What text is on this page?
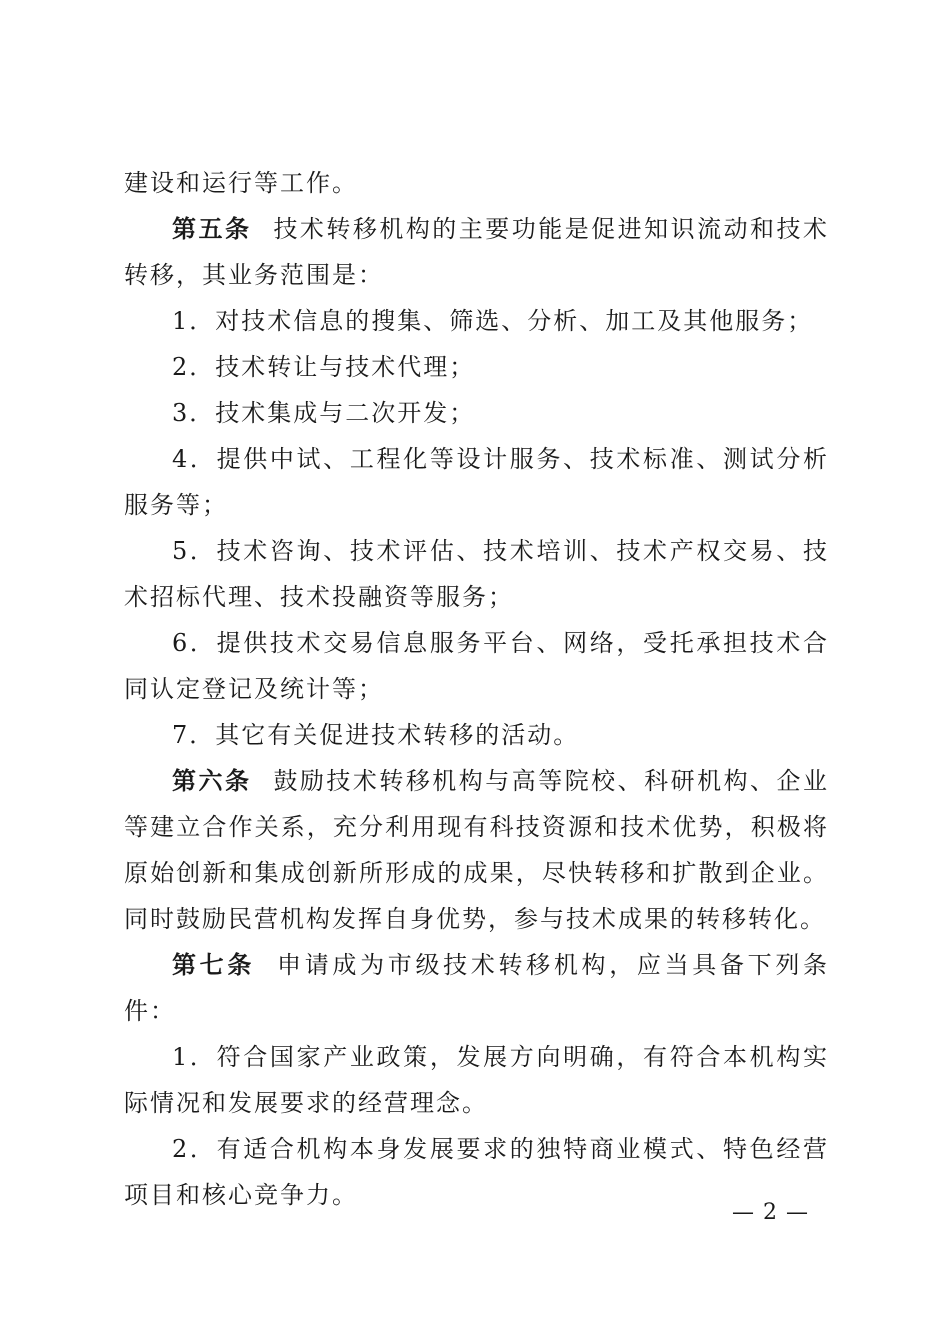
建设和运行等工作。

第五条 技术转移机构的主要功能是促进知识流动和技术转移，其业务范围是：

1．对技术信息的搜集、筛选、分析、加工及其他服务；

2．技术转让与技术代理；

3．技术集成与二次开发；

4．提供中试、工程化等设计服务、技术标准、测试分析服务等；

5．技术咨询、技术评估、技术培训、技术产权交易、技术招标代理、技术投融资等服务；

6．提供技术交易信息服务平台、网络，受托承担技术合同认定登记及统计等；

7．其它有关促进技术转移的活动。

第六条 鼓励技术转移机构与高等院校、科研机构、企业等建立合作关系，充分利用现有科技资源和技术优势，积极将原始创新和集成创新所形成的成果，尽快转移和扩散到企业。同时鼓励民营机构发挥自身优势，参与技术成果的转移转化。

第七条 申请成为市级技术转移机构，应当具备下列条件：

1．符合国家产业政策，发展方向明确，有符合本机构实际情况和发展要求的经营理念。

2．有适合机构本身发展要求的独特商业模式、特色经营项目和核心竞争力。

— 2 —
